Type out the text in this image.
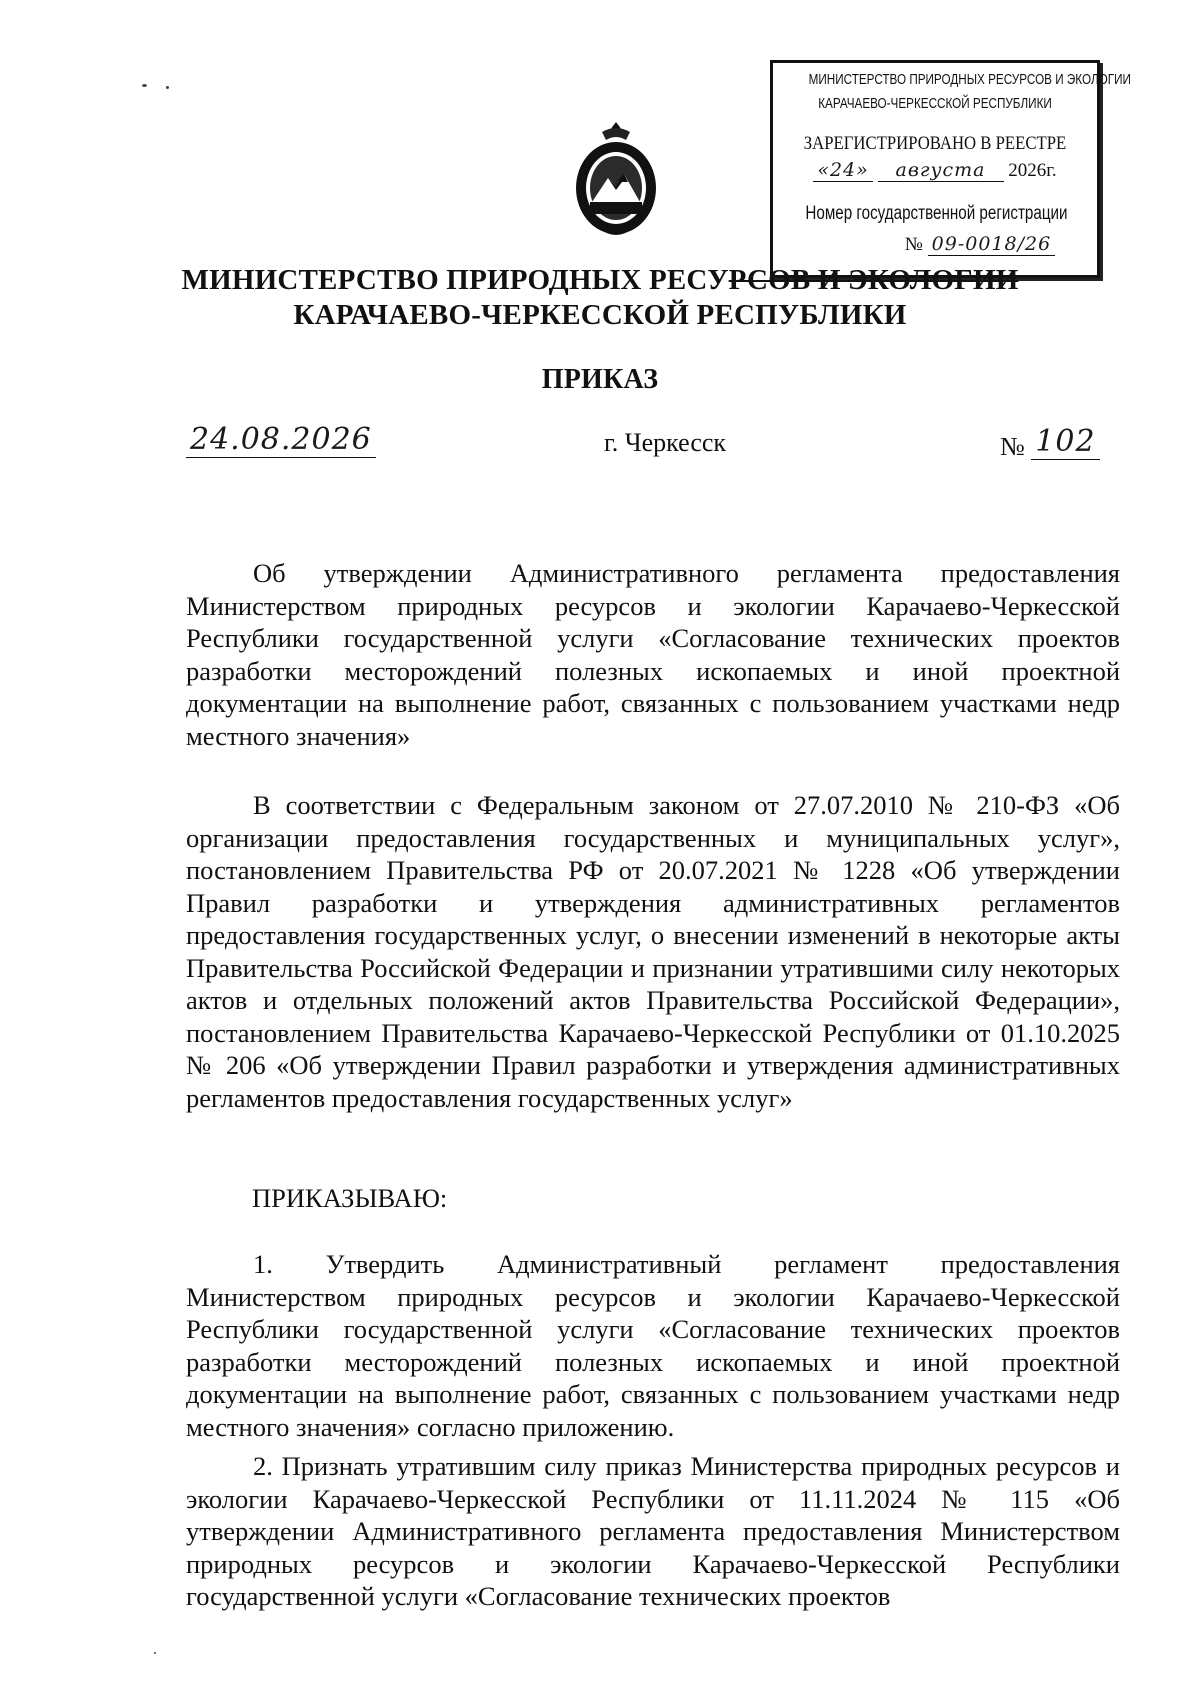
МИНИСТЕРСТВО ПРИРОДНЫХ РЕСУРСОВ И ЭКОЛОГИИ
КАРАЧАЕВО-ЧЕРКЕССКОЙ РЕСПУБЛИКИ
ЗАРЕГИСТРИРОВАНО В РЕЕСТРЕ
«24» августа 2026г.
Номер государственной регистрации
№ 09-0018/26
МИНИСТЕРСТВО ПРИРОДНЫХ РЕСУРСОВ И ЭКОЛОГИИ
КАРАЧАЕВО-ЧЕРКЕССКОЙ РЕСПУБЛИКИ
ПРИКАЗ
24.08.2026	г. Черкесск	№ 102

Об утверждении Административного регламента предоставления Министерством природных ресурсов и экологии Карачаево-Черкесской Республики государственной услуги «Согласование технических проектов разработки месторождений полезных ископаемых и иной проектной документации на выполнение работ, связанных с пользованием участками недр местного значения»

В соответствии с Федеральным законом от 27.07.2010 № 210-ФЗ «Об организации предоставления государственных и муниципальных услуг», постановлением Правительства РФ от 20.07.2021 № 1228 «Об утверждении Правил разработки и утверждения административных регламентов предоставления государственных услуг, о внесении изменений в некоторые акты Правительства Российской Федерации и признании утратившими силу некоторых актов и отдельных положений актов Правительства Российской Федерации», постановлением Правительства Карачаево-Черкесской Республики от 01.10.2025 № 206 «Об утверждении Правил разработки и утверждения административных регламентов предоставления государственных услуг»

ПРИКАЗЫВАЮ:

1. Утвердить Административный регламент предоставления Министерством природных ресурсов и экологии Карачаево-Черкесской Республики государственной услуги «Согласование технических проектов разработки месторождений полезных ископаемых и иной проектной документации на выполнение работ, связанных с пользованием участками недр местного значения» согласно приложению.

2. Признать утратившим силу приказ Министерства природных ресурсов и экологии Карачаево-Черкесской Республики от 11.11.2024 № 115 «Об утверждении Административного регламента предоставления Министерством природных ресурсов и экологии Карачаево-Черкесской Республики государственной услуги «Согласование технических проектов
